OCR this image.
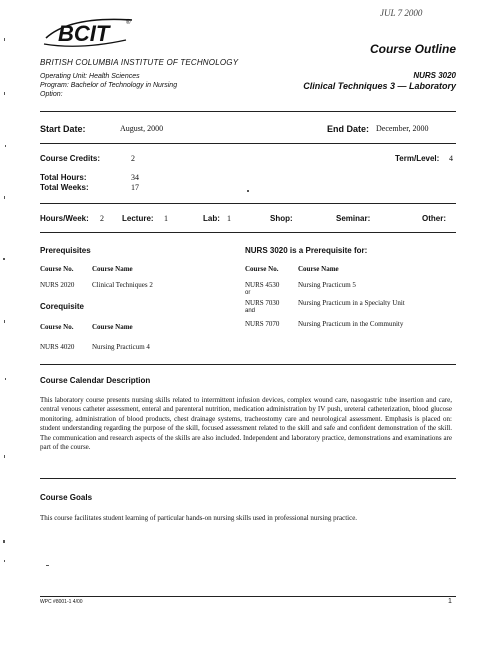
BCIT	®
JUL 7 2000
BRITISH COLUMBIA INSTITUTE OF TECHNOLOGY
Operating Unit: Health Sciences
Program: Bachelor of Technology in Nursing
Option:
Course Outline
NURS 3020
Clinical Techniques 3 — Laboratory
Start Date:	August, 2000	End Date: December, 2000
Course Credits:	2	Term/Level: 4
Total Hours:	34
Total Weeks:	17
Hours/Week: 2 Lecture: 1	Lab: 1	Shop:	Seminar:	Other:
Prerequisites
Course No.	Course Name
NURS 2020	Clinical Techniques 2
Corequisite
Course No.	Course Name
NURS 4020	Nursing Practicum 4
NURS 3020 is a Prerequisite for:
Course No.	Course Name
NURS 4530	Nursing Practicum 5
or
NURS 7030	Nursing Practicum in a Specialty Unit
and
NURS 7070	Nursing Practicum in the Community
Course Calendar Description
This laboratory course presents nursing skills related to intermittent infusion devices, complex wound care, nasogastric tube insertion and care, central venous catheter assessment, enteral and parenteral nutrition, medication administration by IV push, ureteral catheterization, blood glucose monitoring, administration of blood products, chest drainage systems, tracheostomy care and neurological assessment. Emphasis is placed on: student understanding regarding the purpose of the skill, focused assessment related to the skill and safe and confident demonstration of the skill. The communication and research aspects of the skills are also included. Independent and laboratory practice, demonstrations and examinations are part of the course.
Course Goals
This course facilitates student learning of particular hands-on nursing skills used in professional nursing practice.
WPC #8001-1 4/00	1
